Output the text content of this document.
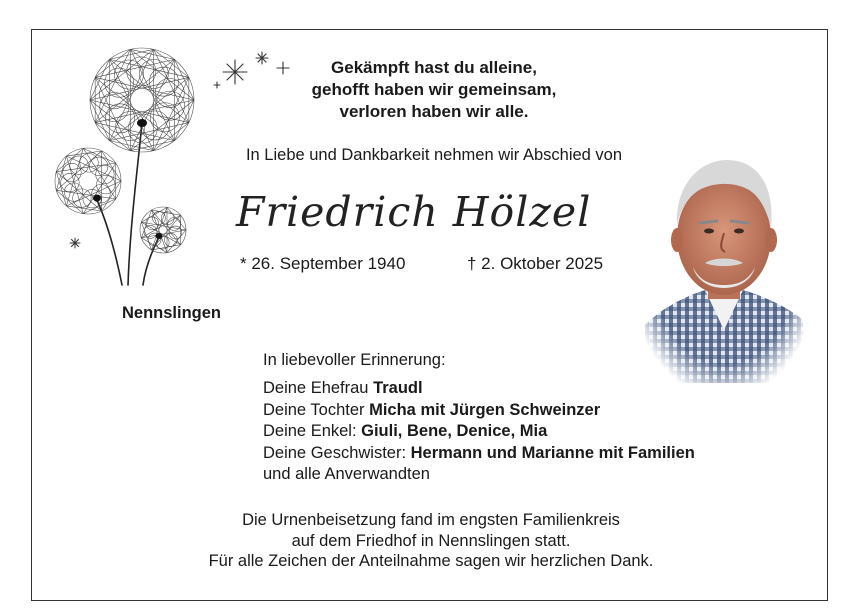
Gekämpft hast du alleine,
gehofft haben wir gemeinsam,
verloren haben wir alle.
In Liebe und Dankbarkeit nehmen wir Abschied von
Friedrich Hölzel
* 26. September 1940	† 2. Oktober 2025
Nennslingen
In liebevoller Erinnerung:
Deine Ehefrau Traudl
Deine Tochter Micha mit Jürgen Schweinzer
Deine Enkel: Giuli, Bene, Denice, Mia
Deine Geschwister: Hermann und Marianne mit Familien
und alle Anverwandten
Die Urnenbeisetzung fand im engsten Familienkreis
auf dem Friedhof in Nennslingen statt.
Für alle Zeichen der Anteilnahme sagen wir herzlichen Dank.
